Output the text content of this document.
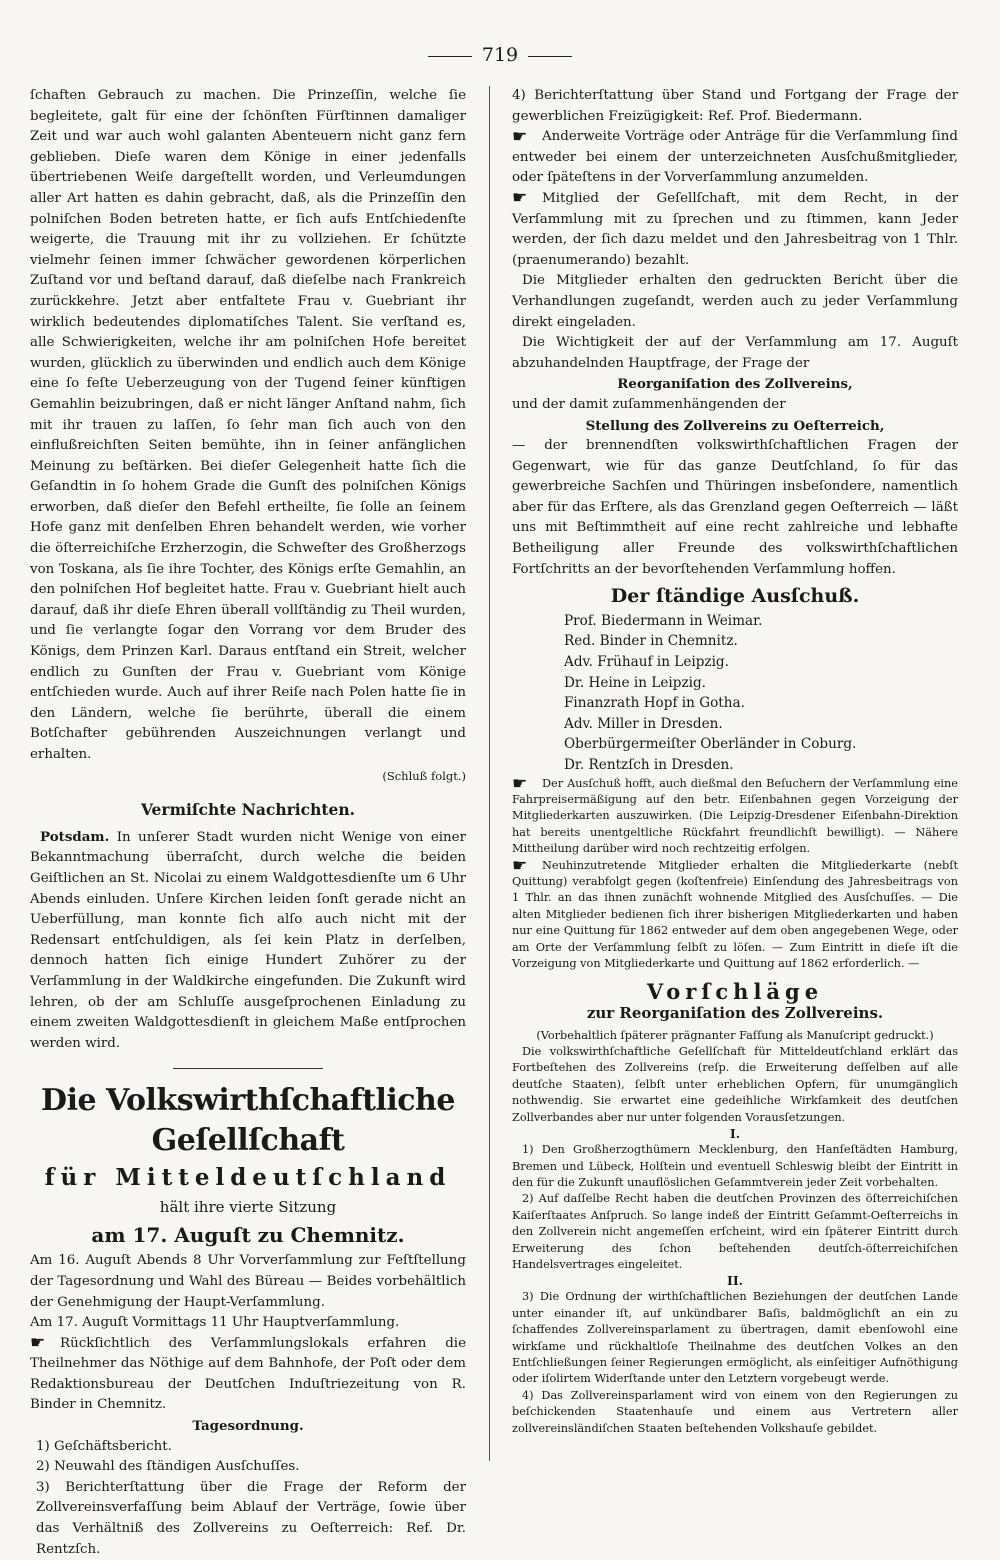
719

ſchaften Gebrauch zu machen. Die Prinzeſſin, welche ſie begleitete, galt für eine der ſchönſten Fürſtinnen damaliger Zeit und war auch wohl galanten Abenteuern nicht ganz fern geblieben. Dieſe waren dem Könige in einer jedenfalls übertriebenen Weiſe dargeſtellt worden, und Verleumdungen aller Art hatten es dahin gebracht, daß, als die Prinzeſſin den polniſchen Boden betreten hatte, er ſich aufs Entſchiedenſte weigerte, die Trauung mit ihr zu vollziehen. Er ſchützte vielmehr ſeinen immer ſchwächer gewordenen körperlichen Zuſtand vor und beſtand darauf, daß dieſelbe nach Frankreich zurückkehre. Jetzt aber entfaltete Frau v. Guebriant ihr wirklich bedeutendes diplomatiſches Talent. Sie verſtand es, alle Schwierigkeiten, welche ihr am polniſchen Hofe bereitet wurden, glücklich zu überwinden und endlich auch dem Könige eine ſo feſte Ueberzeugung von der Tugend ſeiner künftigen Gemahlin beizubringen, daß er nicht länger Anſtand nahm, ſich mit ihr trauen zu laſſen, ſo ſehr man ſich auch von den einflußreichſten Seiten bemühte, ihn in ſeiner anfänglichen Meinung zu beſtärken. Bei dieſer Gelegenheit hatte ſich die Geſandtin in ſo hohem Grade die Gunſt des polniſchen Königs erworben, daß dieſer den Befehl ertheilte, ſie ſolle an ſeinem Hofe ganz mit denſelben Ehren behandelt werden, wie vorher die öſterreichiſche Erzherzogin, die Schweſter des Großherzogs von Toskana, als ſie ihre Tochter, des Königs erſte Gemahlin, an den polniſchen Hof begleitet hatte. Frau v. Guebriant hielt auch darauf, daß ihr dieſe Ehren überall vollſtändig zu Theil wurden, und ſie verlangte ſogar den Vorrang vor dem Bruder des Königs, dem Prinzen Karl. Daraus entſtand ein Streit, welcher endlich zu Gunſten der Frau v. Guebriant vom Könige entſchieden wurde. Auch auf ihrer Reiſe nach Polen hatte ſie in den Ländern, welche ſie berührte, überall die einem Botſchafter gebührenden Auszeichnungen verlangt und erhalten.

(Schluß folgt.)

Vermiſchte Nachrichten.

Potsdam. In unſerer Stadt wurden nicht Wenige von einer Bekanntmachung überraſcht, durch welche die beiden Geiſtlichen an St. Nicolai zu einem Waldgottesdienſte um 6 Uhr Abends einluden. Unſere Kirchen leiden ſonſt gerade nicht an Ueberfüllung, man konnte ſich alſo auch nicht mit der Redensart entſchuldigen, als ſei kein Platz in derſelben, dennoch hatten ſich einige Hundert Zuhörer zu der Verſammlung in der Waldkirche eingefunden. Die Zukunft wird lehren, ob der am Schluſſe ausgeſprochenen Einladung zu einem zweiten Waldgottesdienſt in gleichem Maße entſprochen werden wird.

Die Volkswirthſchaftliche Geſellſchaft
für Mitteldeutſchland
hält ihre vierte Sitzung
am 17. Auguſt zu Chemnitz.

Am 16. Auguſt Abends 8 Uhr Vorverſammlung zur Feſtſtellung der Tagesordnung und Wahl des Büreau — Beides vorbehältlich der Genehmigung der Haupt-Verſammlung.

Am 17. Auguſt Vormittags 11 Uhr Hauptverſammlung.

☛ Rückſichtlich des Verſammlungslokals erfahren die Theilnehmer das Nöthige auf dem Bahnhofe, der Poſt oder dem Redaktionsbureau der Deutſchen Induſtriezeitung von R. Binder in Chemnitz.

Tagesordnung.

1) Geſchäftsbericht.

2) Neuwahl des ſtändigen Ausſchuſſes.

3) Berichterſtattung über die Frage der Reform der Zollvereinsverfaſſung beim Ablauf der Verträge, ſowie über das Verhältniß des Zollvereins zu Oeſterreich: Ref. Dr. Rentzſch.

4) Berichterſtattung über Stand und Fortgang der Frage der gewerblichen Freizügigkeit: Ref. Prof. Biedermann.

☛ Anderweite Vorträge oder Anträge für die Verſammlung ſind entweder bei einem der unterzeichneten Ausſchußmitglieder, oder ſpäteſtens in der Vorverſammlung anzumelden.

☛ Mitglied der Geſellſchaft, mit dem Recht, in der Verſammlung mit zu ſprechen und zu ſtimmen, kann Jeder werden, der ſich dazu meldet und den Jahresbeitrag von 1 Thlr. (praenumerando) bezahlt.

Die Mitglieder erhalten den gedruckten Bericht über die Verhandlungen zugeſandt, werden auch zu jeder Verſammlung direkt eingeladen.

Die Wichtigkeit der auf der Verſammlung am 17. Auguſt abzuhandelnden Hauptfrage, der Frage der

Reorganiſation des Zollvereins,

und der damit zuſammenhängenden der

Stellung des Zollvereins zu Oeſterreich,

— der brennendſten volkswirthſchaftlichen Fragen der Gegenwart, wie für das ganze Deutſchland, ſo für das gewerbreiche Sachſen und Thüringen insbeſondere, namentlich aber für das Erſtere, als das Grenzland gegen Oeſterreich — läßt uns mit Beſtimmtheit auf eine recht zahlreiche und lebhafte Betheiligung aller Freunde des volkswirthſchaftlichen Fortſchritts an der bevorſtehenden Verſammlung hoffen.

Der ſtändige Ausſchuß.

Prof. Biedermann in Weimar.

Red. Binder in Chemnitz.

Adv. Frühauf in Leipzig.

Dr. Heine in Leipzig.

Finanzrath Hopf in Gotha.

Adv. Miller in Dresden.

Oberbürgermeiſter Oberländer in Coburg.

Dr. Rentzſch in Dresden.

☛ Der Ausſchuß hofft, auch dießmal den Beſuchern der Verſammlung eine Fahrpreisermäßigung auf den betr. Eiſenbahnen gegen Vorzeigung der Mitgliederkarten auszuwirken. (Die Leipzig-Dresdener Eiſenbahn-Direktion hat bereits unentgeltliche Rückfahrt freundlichſt bewilligt). — Nähere Mittheilung darüber wird noch rechtzeitig erfolgen.

☛ Neuhinzutretende Mitglieder erhalten die Mitgliederkarte (nebſt Quittung) verabfolgt gegen (koſtenfreie) Einſendung des Jahresbeitrags von 1 Thlr. an das ihnen zunächſt wohnende Mitglied des Ausſchuſſes. — Die alten Mitglieder bedienen ſich ihrer bisherigen Mitgliederkarten und haben nur eine Quittung für 1862 entweder auf dem oben angegebenen Wege, oder am Orte der Verſammlung ſelbſt zu löſen. — Zum Eintritt in dieſe iſt die Vorzeigung von Mitgliederkarte und Quittung auf 1862 erforderlich. —

Vorſchläge
zur Reorganiſation des Zollvereins.

(Vorbehaltlich ſpäterer prägnanter Faſſung als Manuſcript gedruckt.)

Die volkswirthſchaftliche Geſellſchaft für Mitteldeutſchland erklärt das Fortbeſtehen des Zollvereins (reſp. die Erweiterung deſſelben auf alle deutſche Staaten), ſelbſt unter erheblichen Opfern, für unumgänglich nothwendig. Sie erwartet eine gedeihliche Wirkſamkeit des deutſchen Zollverbandes aber nur unter folgenden Vorausſetzungen.

I.

1) Den Großherzogthümern Mecklenburg, den Hanſeſtädten Hamburg, Bremen und Lübeck, Holſtein und eventuell Schleswig bleibt der Eintritt in den für die Zukunft unauflöslichen Geſammtverein jeder Zeit vorbehalten.

2) Auf daſſelbe Recht haben die deutſchen Provinzen des öſterreichiſchen Kaiſerſtaates Anſpruch. So lange indeß der Eintritt Geſammt-Oeſterreichs in den Zollverein nicht angemeſſen erſcheint, wird ein ſpäterer Eintritt durch Erweiterung des ſchon beſtehenden deutſch-öſterreichiſchen Handelsvertrages eingeleitet.

II.

3) Die Ordnung der wirthſchaftlichen Beziehungen der deutſchen Lande unter einander iſt, auf unkündbarer Baſis, baldmöglichſt an ein zu ſchaffendes Zollvereinsparlament zu übertragen, damit ebenſowohl eine wirkſame und rückhaltloſe Theilnahme des deutſchen Volkes an den Entſchließungen ſeiner Regierungen ermöglicht, als einſeitiger Aufnöthigung oder iſolirtem Widerſtande unter den Letztern vorgebeugt werde.

4) Das Zollvereinsparlament wird von einem von den Regierungen zu beſchickenden Staatenhauſe und einem aus Vertretern aller zollvereinsländiſchen Staaten beſtehenden Volkshauſe gebildet.
